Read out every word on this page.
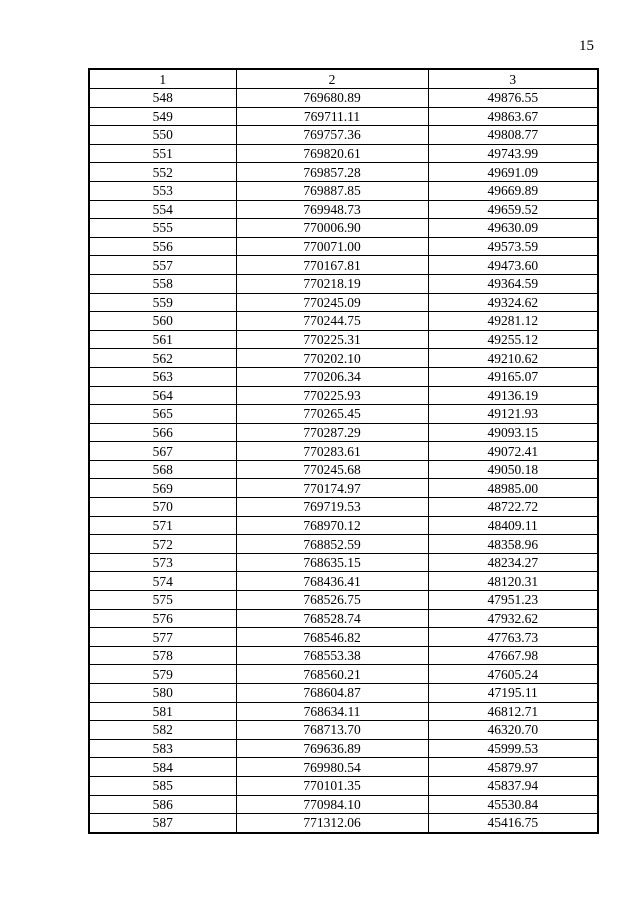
15
1	2	3
548	769680.89	49876.55
549	769711.11	49863.67
550	769757.36	49808.77
551	769820.61	49743.99
552	769857.28	49691.09
553	769887.85	49669.89
554	769948.73	49659.52
555	770006.90	49630.09
556	770071.00	49573.59
557	770167.81	49473.60
558	770218.19	49364.59
559	770245.09	49324.62
560	770244.75	49281.12
561	770225.31	49255.12
562	770202.10	49210.62
563	770206.34	49165.07
564	770225.93	49136.19
565	770265.45	49121.93
566	770287.29	49093.15
567	770283.61	49072.41
568	770245.68	49050.18
569	770174.97	48985.00
570	769719.53	48722.72
571	768970.12	48409.11
572	768852.59	48358.96
573	768635.15	48234.27
574	768436.41	48120.31
575	768526.75	47951.23
576	768528.74	47932.62
577	768546.82	47763.73
578	768553.38	47667.98
579	768560.21	47605.24
580	768604.87	47195.11
581	768634.11	46812.71
582	768713.70	46320.70
583	769636.89	45999.53
584	769980.54	45879.97
585	770101.35	45837.94
586	770984.10	45530.84
587	771312.06	45416.75
